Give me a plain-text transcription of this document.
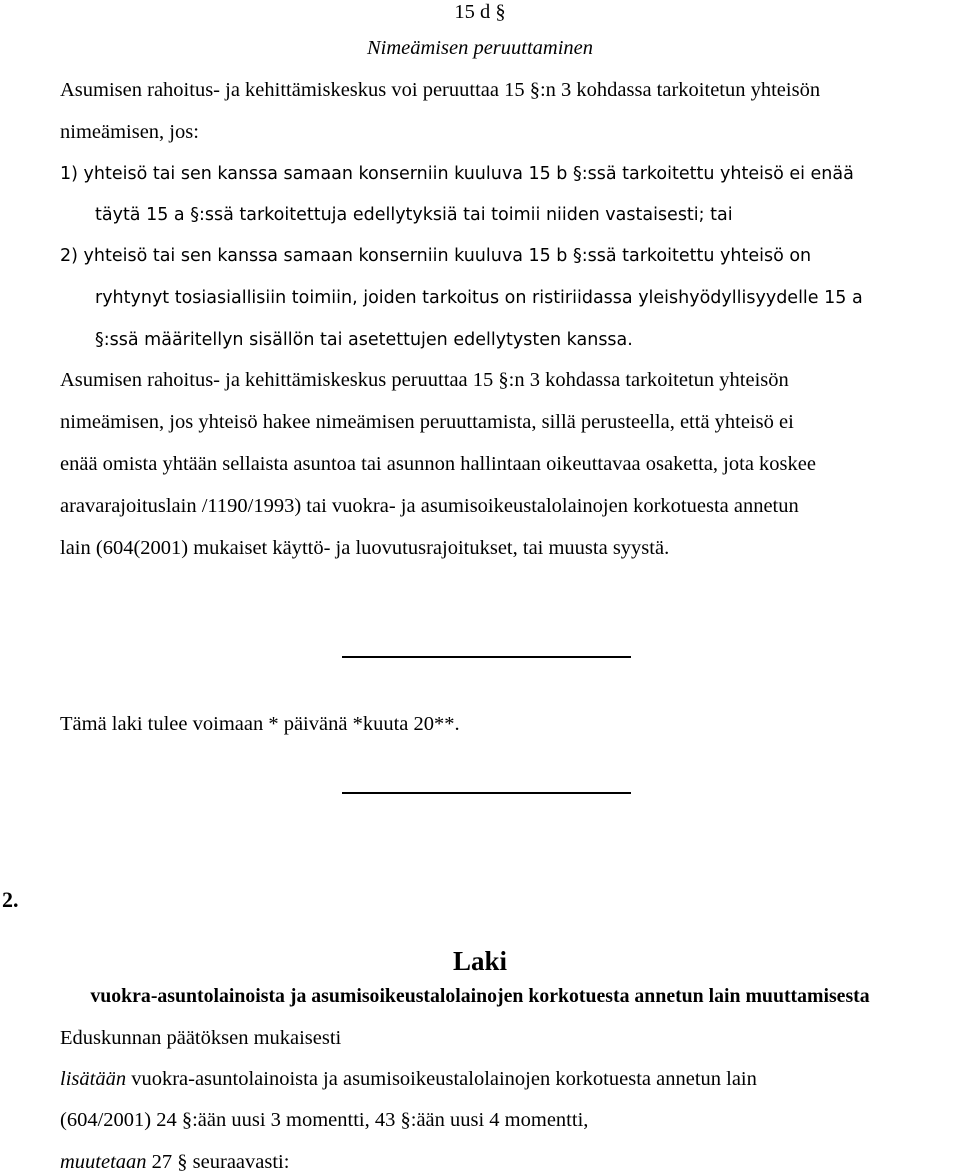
15 d §
Nimeämisen peruuttaminen
Asumisen rahoitus- ja kehittämiskeskus voi peruuttaa 15 §:n 3 kohdassa tarkoitetun yhteisön
nimeämisen, jos:
1) yhteisö tai sen kanssa samaan konserniin kuuluva 15 b §:ssä tarkoitettu yhteisö ei enää
täytä 15 a §:ssä tarkoitettuja edellytyksiä tai toimii niiden vastaisesti; tai
2) yhteisö tai sen kanssa samaan konserniin kuuluva 15 b §:ssä tarkoitettu yhteisö on
ryhtynyt tosiasiallisiin toimiin, joiden tarkoitus on ristiriidassa yleishyödyllisyydelle 15 a
§:ssä määritellyn sisällön tai asetettujen edellytysten kanssa.
Asumisen rahoitus- ja kehittämiskeskus peruuttaa 15 §:n 3 kohdassa tarkoitetun yhteisön
nimeämisen, jos yhteisö hakee nimeämisen peruuttamista, sillä perusteella, että yhteisö ei
enää omista yhtään sellaista asuntoa tai asunnon hallintaan oikeuttavaa osaketta, jota koskee
aravarajoituslain /1190/1993) tai vuokra- ja asumisoikeustalolainojen korkotuesta annetun
lain (604(2001) mukaiset käyttö- ja luovutusrajoitukset, tai muusta syystä.
Tämä laki tulee voimaan * päivänä *kuuta 20**.
2.
Laki
vuokra-asuntolainoista ja asumisoikeustalolainojen korkotuesta annetun lain muuttamisesta
Eduskunnan päätöksen mukaisesti
lisätään vuokra-asuntolainoista ja asumisoikeustalolainojen korkotuesta annetun lain
(604/2001) 24 §:ään uusi 3 momentti, 43 §:ään uusi 4 momentti,
muutetaan 27 § seuraavasti:
